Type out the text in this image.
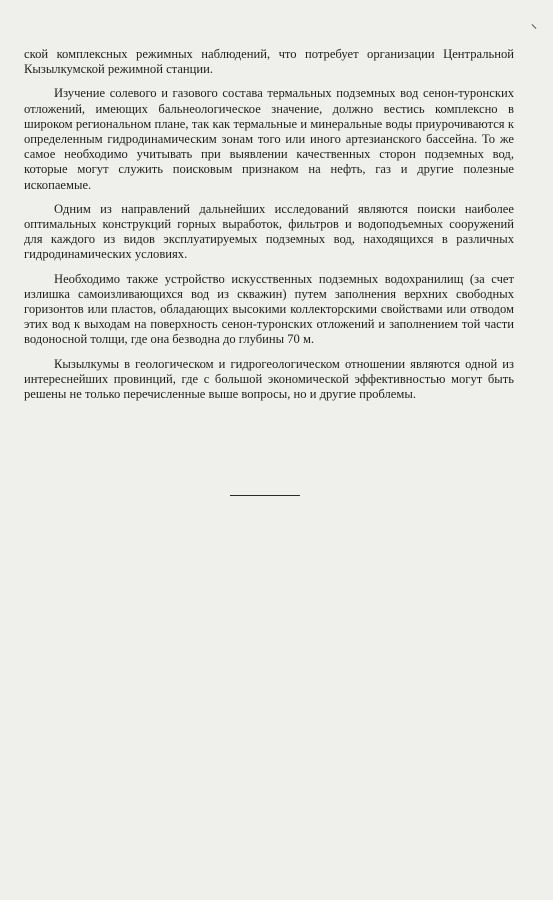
ской комплексных режимных наблюдений, что потребует организации Центральной Кызылкумской режимной станции.

Изучение солевого и газового состава термальных подземных вод сенон-туронских отложений, имеющих бальнеологическое значение, должно вестись комплексно в широком региональном плане, так как термальные и минеральные воды приурочиваются к определенным гидродинамическим зонам того или иного артезианского бассейна. То же самое необходимо учитывать при выявлении качественных сторон подземных вод, которые могут служить поисковым признаком на нефть, газ и другие полезные ископаемые.

Одним из направлений дальнейших исследований являются поиски наиболее оптимальных конструкций горных выработок, фильтров и водоподъемных сооружений для каждого из видов эксплуатируемых подземных вод, находящихся в различных гидродинамических условиях.

Необходимо также устройство искусственных подземных водохранилищ (за счет излишка самоизливающихся вод из скважин) путем заполнения верхних свободных горизонтов или пластов, обладающих высокими коллекторскими свойствами или отводом этих вод к выходам на поверхность сенон-туронских отложений и заполнением той части водоносной толщи, где она безводна до глубины 70 м.

Кызылкумы в геологическом и гидрогеологическом отношении являются одной из интереснейших провинций, где с большой экономической эффективностью могут быть решены не только перечисленные выше вопросы, но и другие проблемы.
